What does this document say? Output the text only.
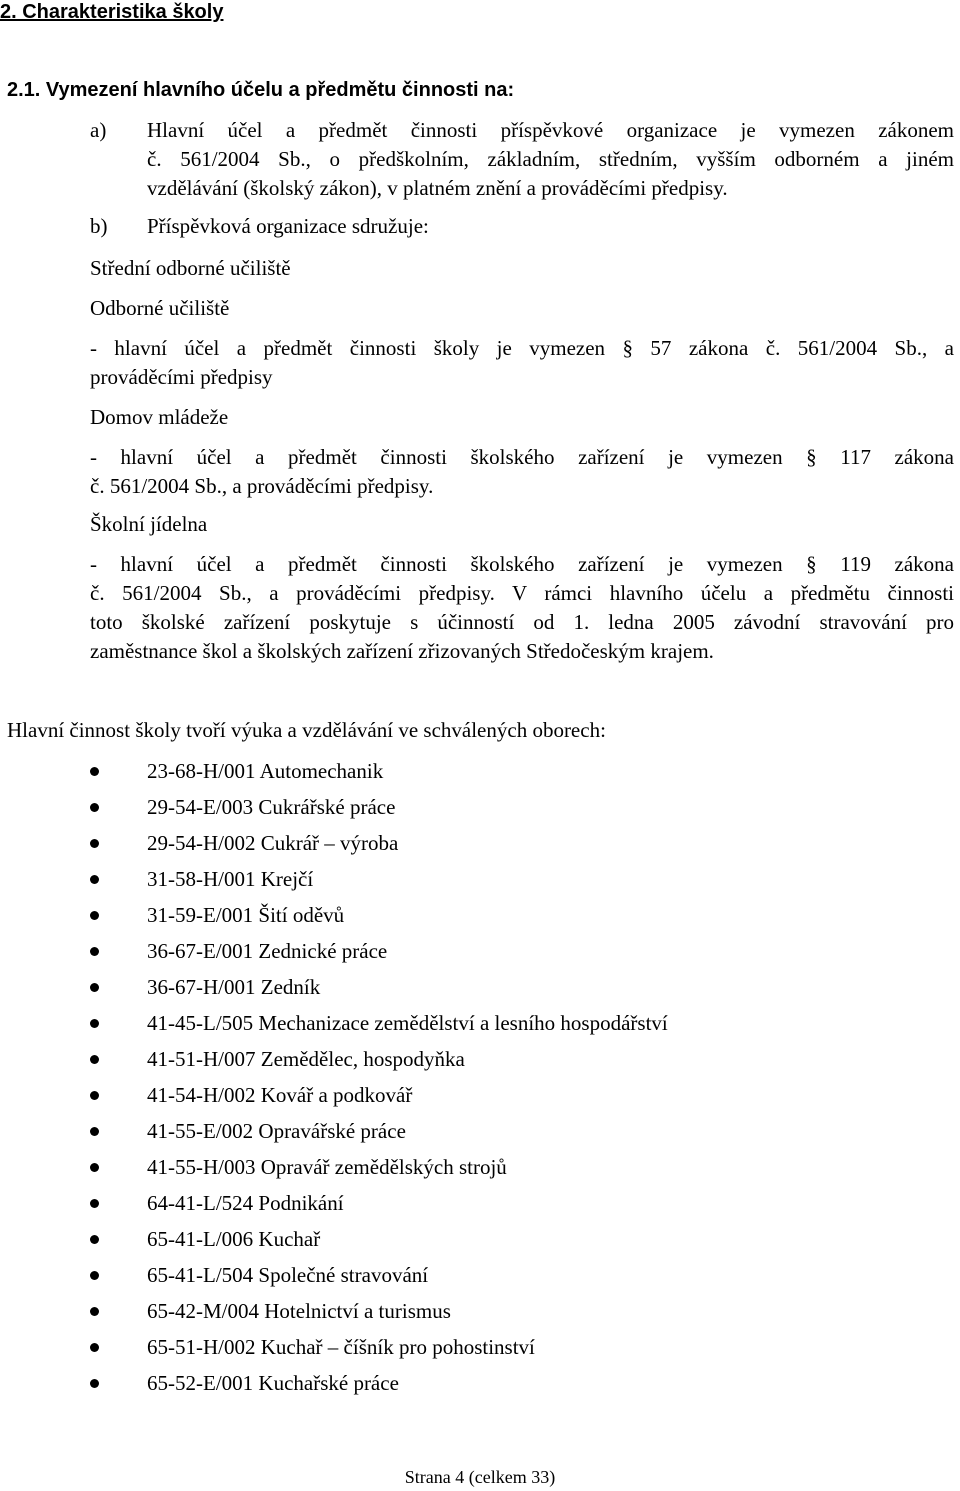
2. Charakteristika školy
2.1. Vymezení hlavního účelu a předmětu činnosti na:
a)	Hlavní účel a předmět činnosti příspěvkové organizace je vymezen zákonem
č. 561/2004 Sb., o předškolním, základním, středním, vyšším odborném a jiném
vzdělávání (školský zákon), v platném znění a prováděcími předpisy.
b)	Příspěvková organizace sdružuje:
Střední odborné učiliště
Odborné učiliště
- hlavní účel a předmět činnosti školy je vymezen § 57 zákona č. 561/2004 Sb., a
prováděcími předpisy
Domov mládeže
- hlavní účel a předmět činnosti školského zařízení je vymezen § 117 zákona
č. 561/2004 Sb., a prováděcími předpisy.
Školní jídelna
- hlavní účel a předmět činnosti školského zařízení je vymezen § 119 zákona
č. 561/2004 Sb., a prováděcími předpisy. V rámci hlavního účelu a předmětu činnosti
toto školské zařízení poskytuje s účinností od 1. ledna 2005 závodní stravování pro
zaměstnance škol a školských zařízení zřizovaných Středočeským krajem.
Hlavní činnost školy tvoří výuka a vzdělávání ve schválených oborech:
23-68-H/001 Automechanik
29-54-E/003 Cukrářské práce
29-54-H/002 Cukrář – výroba
31-58-H/001 Krejčí
31-59-E/001 Šití oděvů
36-67-E/001 Zednické práce
36-67-H/001 Zedník
41-45-L/505 Mechanizace zemědělství a lesního hospodářství
41-51-H/007 Zemědělec, hospodyňka
41-54-H/002 Kovář a podkovář
41-55-E/002 Opravářské práce
41-55-H/003 Opravář zemědělských strojů
64-41-L/524 Podnikání
65-41-L/006 Kuchař
65-41-L/504 Společné stravování
65-42-M/004 Hotelnictví a turismus
65-51-H/002 Kuchař – číšník pro pohostinství
65-52-E/001 Kuchařské práce
Strana 4 (celkem 33)
